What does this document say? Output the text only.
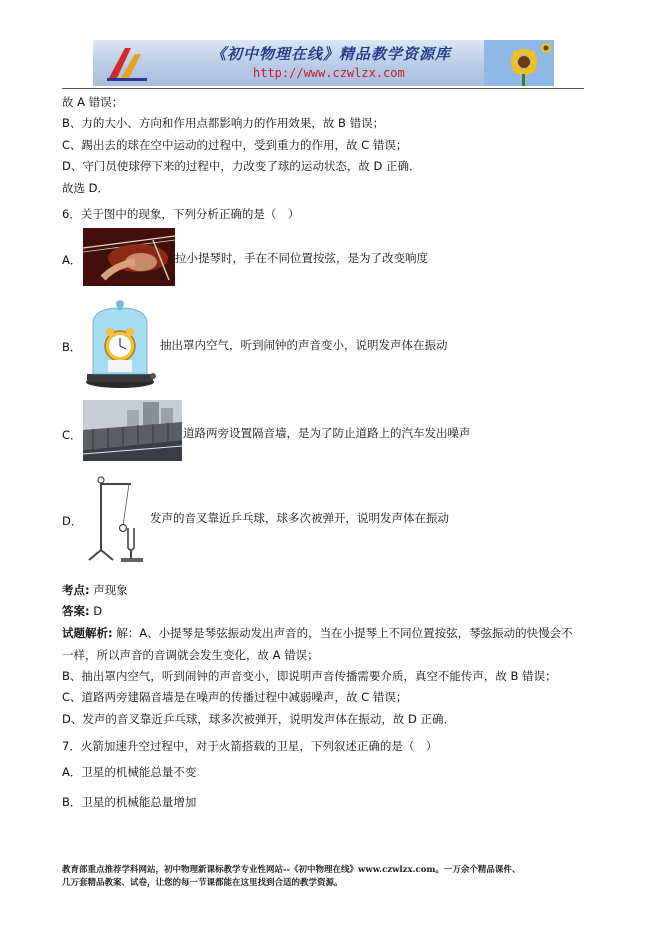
《初中物理在线》精品教学资源库
http://www.czwlzx.com
故 A 错误；
B、力的大小、方向和作用点都影响力的作用效果，故 B 错误；
C、踢出去的球在空中运动的过程中，受到重力的作用，故 C 错误；
D、守门员使球停下来的过程中，力改变了球的运动状态，故 D 正确．
故选 D．
6．关于图中的现象，下列分析正确的是（　）
A．	拉小提琴时，手在不同位置按弦，是为了改变响度
B．	抽出罩内空气，听到闹钟的声音变小，说明发声体在振动
C．	道路两旁设置隔音墙，是为了防止道路上的汽车发出噪声
D．	发声的音叉靠近乒乓球，球多次被弹开，说明发声体在振动
考点: 声现象
答案: D
试题解析: 解：A、小提琴是琴弦振动发出声音的，当在小提琴上不同位置按弦，琴弦振动的快慢会不
一样，所以声音的音调就会发生变化，故 A 错误；
B、抽出罩内空气，听到闹钟的声音变小，即说明声音传播需要介质，真空不能传声，故 B 错误；
C、道路两旁建隔音墙是在噪声的传播过程中减弱噪声，故 C 错误；
D、发声的音叉靠近乒乓球，球多次被弹开，说明发声体在振动，故 D 正确．
7．火箭加速升空过程中，对于火箭搭载的卫星，下列叙述正确的是（　）
A．卫星的机械能总量不变
B．卫星的机械能总量增加
教育部重点推荐学科网站，初中物理新课标教学专业性网站--《初中物理在线》www.czwlzx.com。一万余个精品课件、
几万套精品教案、试卷，让您的每一节课都能在这里找到合适的教学资源。
